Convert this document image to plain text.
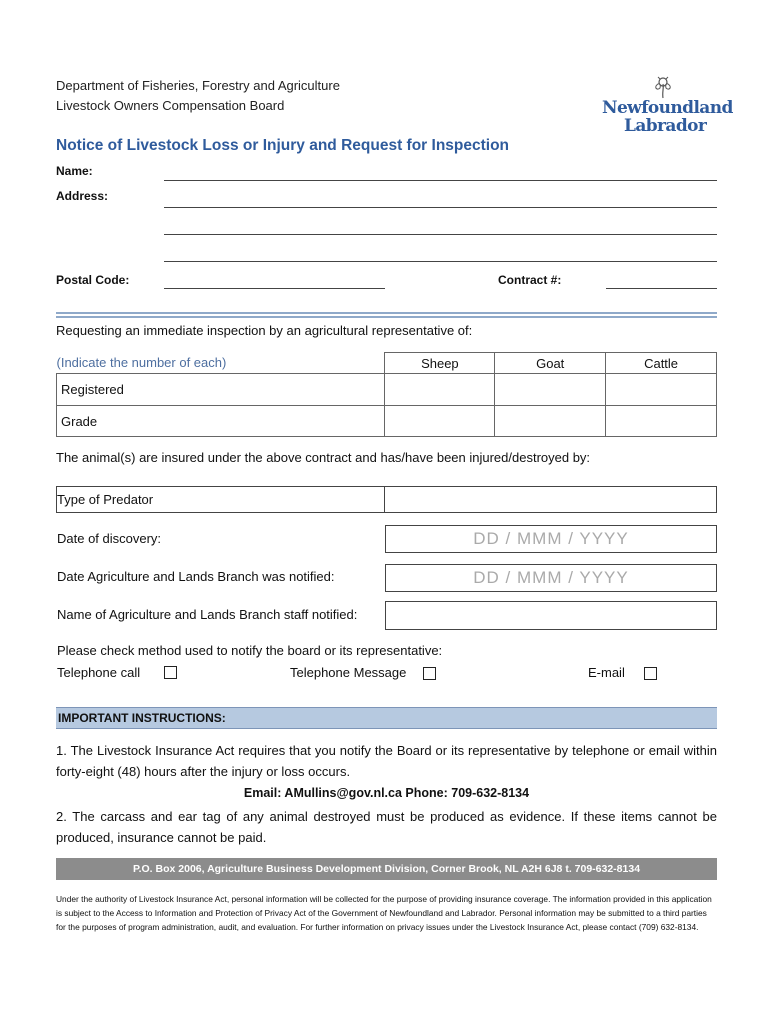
Department of Fisheries, Forestry and Agriculture
Livestock Owners Compensation Board	Newfoundland
Labrador
Notice of Livestock Loss or Injury and Request for Inspection
Name:
Address:
Postal Code:	Contract #:
Requesting an immediate inspection by an agricultural representative of:
(Indicate the number of each)	Sheep	Goat	Cattle
Registered			
Grade			
The animal(s) are insured under the above contract and has/have been injured/destroyed by:
Type of Predator
Date of discovery:	DD / MMM / YYYY
Date Agriculture and Lands Branch was notified:	DD / MMM / YYYY
Name of Agriculture and Lands Branch staff notified:
Please check method used to notify the board or its representative:
Telephone call	Telephone Message	E-mail
IMPORTANT INSTRUCTIONS:
1. The Livestock Insurance Act requires that you notify the Board or its representative by telephone or email within forty-eight (48) hours after the injury or loss occurs.
Email: AMullins@gov.nl.ca Phone: 709-632-8134
2. The carcass and ear tag of any animal destroyed must be produced as evidence. If these items cannot be produced, insurance cannot be paid.
P.O. Box 2006, Agriculture Business Development Division, Corner Brook, NL A2H 6J8 t. 709-632-8134
Under the authority of Livestock Insurance Act, personal information will be collected for the purpose of providing insurance coverage. The information provided in this application is subject to the Access to Information and Protection of Privacy Act of the Government of Newfoundland and Labrador. Personal information may be submitted to a third parties for the purposes of program administration, audit, and evaluation. For further information on privacy issues under the Livestock Insurance Act, please contact (709) 632-8134.
